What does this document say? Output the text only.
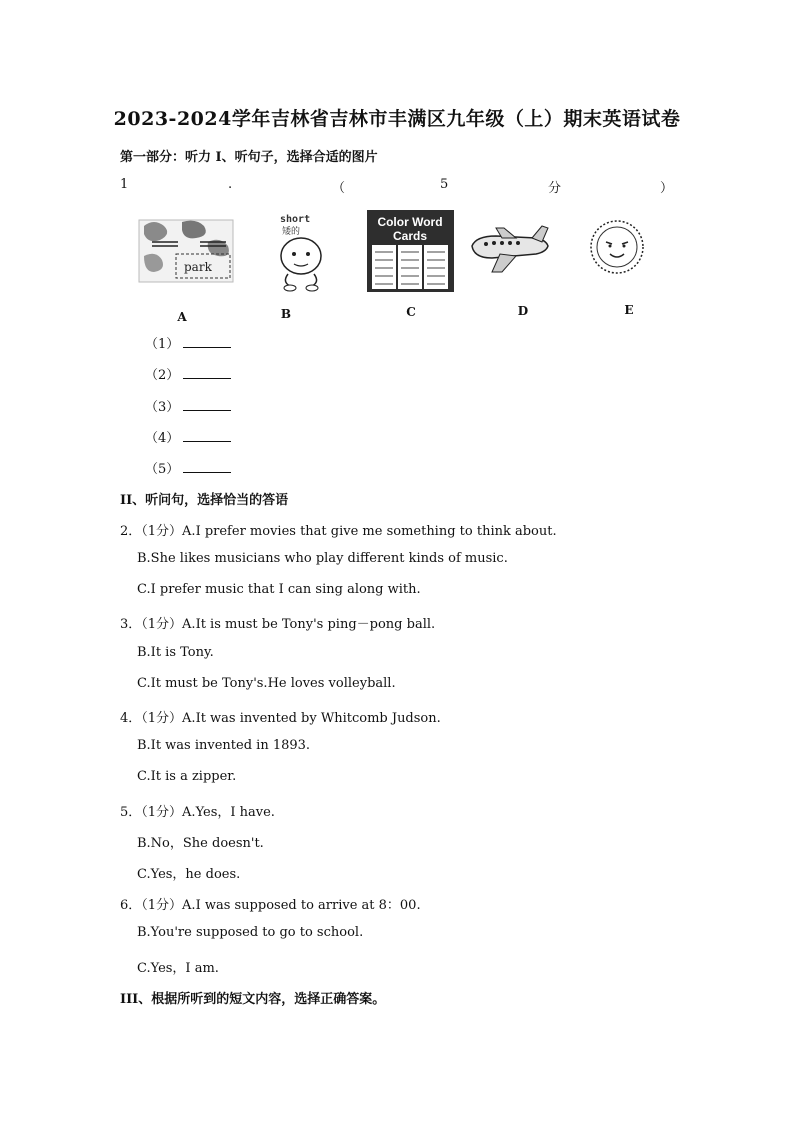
2023-2024学年吉林省吉林市丰满区九年级（上）期末英语试卷
第一部分：听力 I、听句子，选择合适的图片
1	.	（	5	分	）
park
short
矮的
Color Word
Cards
A	B	C	D	E
（1）
（2）
（3）
（4）
（5）
II、听问句，选择恰当的答语
2．（1分）A.I prefer movies that give me something to think about.
B.She likes musicians who play different kinds of music.
C.I prefer music that I can sing along with.
3．（1分）A.It is must be Tony's ping－pong ball.
B.It is Tony.
C.It must be Tony's.He loves volleyball.
4．（1分）A.It was invented by Whitcomb Judson.
B.It was invented in 1893.
C.It is a zipper.
5．（1分）A.Yes，I have.
B.No，She doesn't.
C.Yes，he does.
6．（1分）A.I was supposed to arrive at 8：00.
B.You're supposed to go to school.
C.Yes，I am.
III、根据所听到的短文内容，选择正确答案。
